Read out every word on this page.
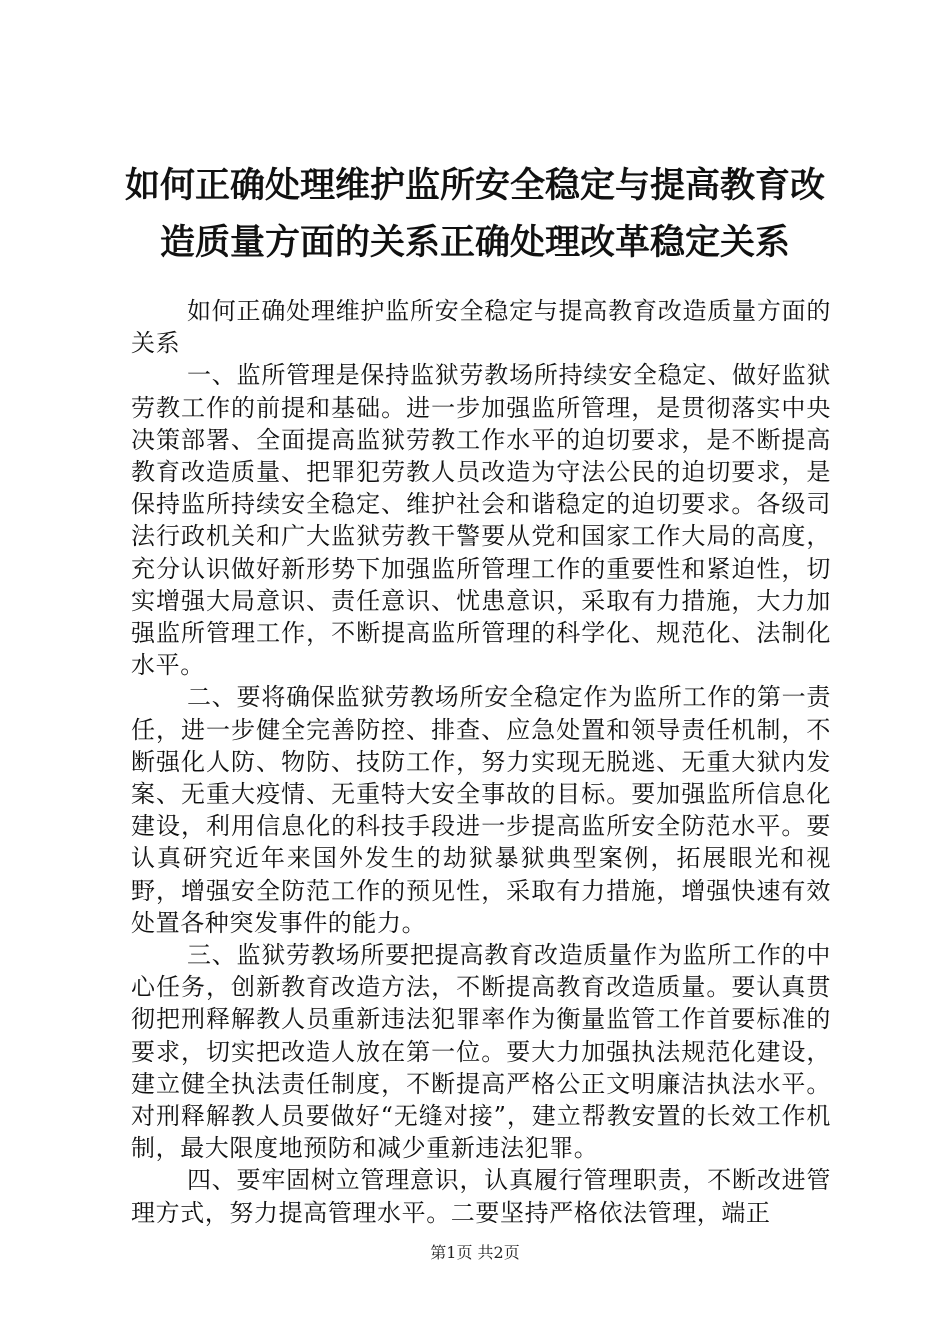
如何正确处理维护监所安全稳定与提高教育改造质量方面的关系正确处理改革稳定关系

如何正确处理维护监所安全稳定与提高教育改造质量方面的关系

一、监所管理是保持监狱劳教场所持续安全稳定、做好监狱劳教工作的前提和基础。进一步加强监所管理，是贯彻落实中央决策部署、全面提高监狱劳教工作水平的迫切要求，是不断提高教育改造质量、把罪犯劳教人员改造为守法公民的迫切要求，是保持监所持续安全稳定、维护社会和谐稳定的迫切要求。各级司法行政机关和广大监狱劳教干警要从党和国家工作大局的高度，充分认识做好新形势下加强监所管理工作的重要性和紧迫性，切实增强大局意识、责任意识、忧患意识，采取有力措施，大力加强监所管理工作，不断提高监所管理的科学化、规范化、法制化水平。

二、要将确保监狱劳教场所安全稳定作为监所工作的第一责任，进一步健全完善防控、排查、应急处置和领导责任机制，不断强化人防、物防、技防工作，努力实现无脱逃、无重大狱内发案、无重大疫情、无重特大安全事故的目标。要加强监所信息化建设，利用信息化的科技手段进一步提高监所安全防范水平。要认真研究近年来国外发生的劫狱暴狱典型案例，拓展眼光和视野，增强安全防范工作的预见性，采取有力措施，增强快速有效处置各种突发事件的能力。

三、监狱劳教场所要把提高教育改造质量作为监所工作的中心任务，创新教育改造方法，不断提高教育改造质量。要认真贯彻把刑释解教人员重新违法犯罪率作为衡量监管工作首要标准的要求，切实把改造人放在第一位。要大力加强执法规范化建设，建立健全执法责任制度，不断提高严格公正文明廉洁执法水平。对刑释解教人员要做好“无缝对接”，建立帮教安置的长效工作机制，最大限度地预防和减少重新违法犯罪。

四、要牢固树立管理意识，认真履行管理职责，不断改进管理方式，努力提高管理水平。二要坚持严格依法管理，端正

第1页 共2页
